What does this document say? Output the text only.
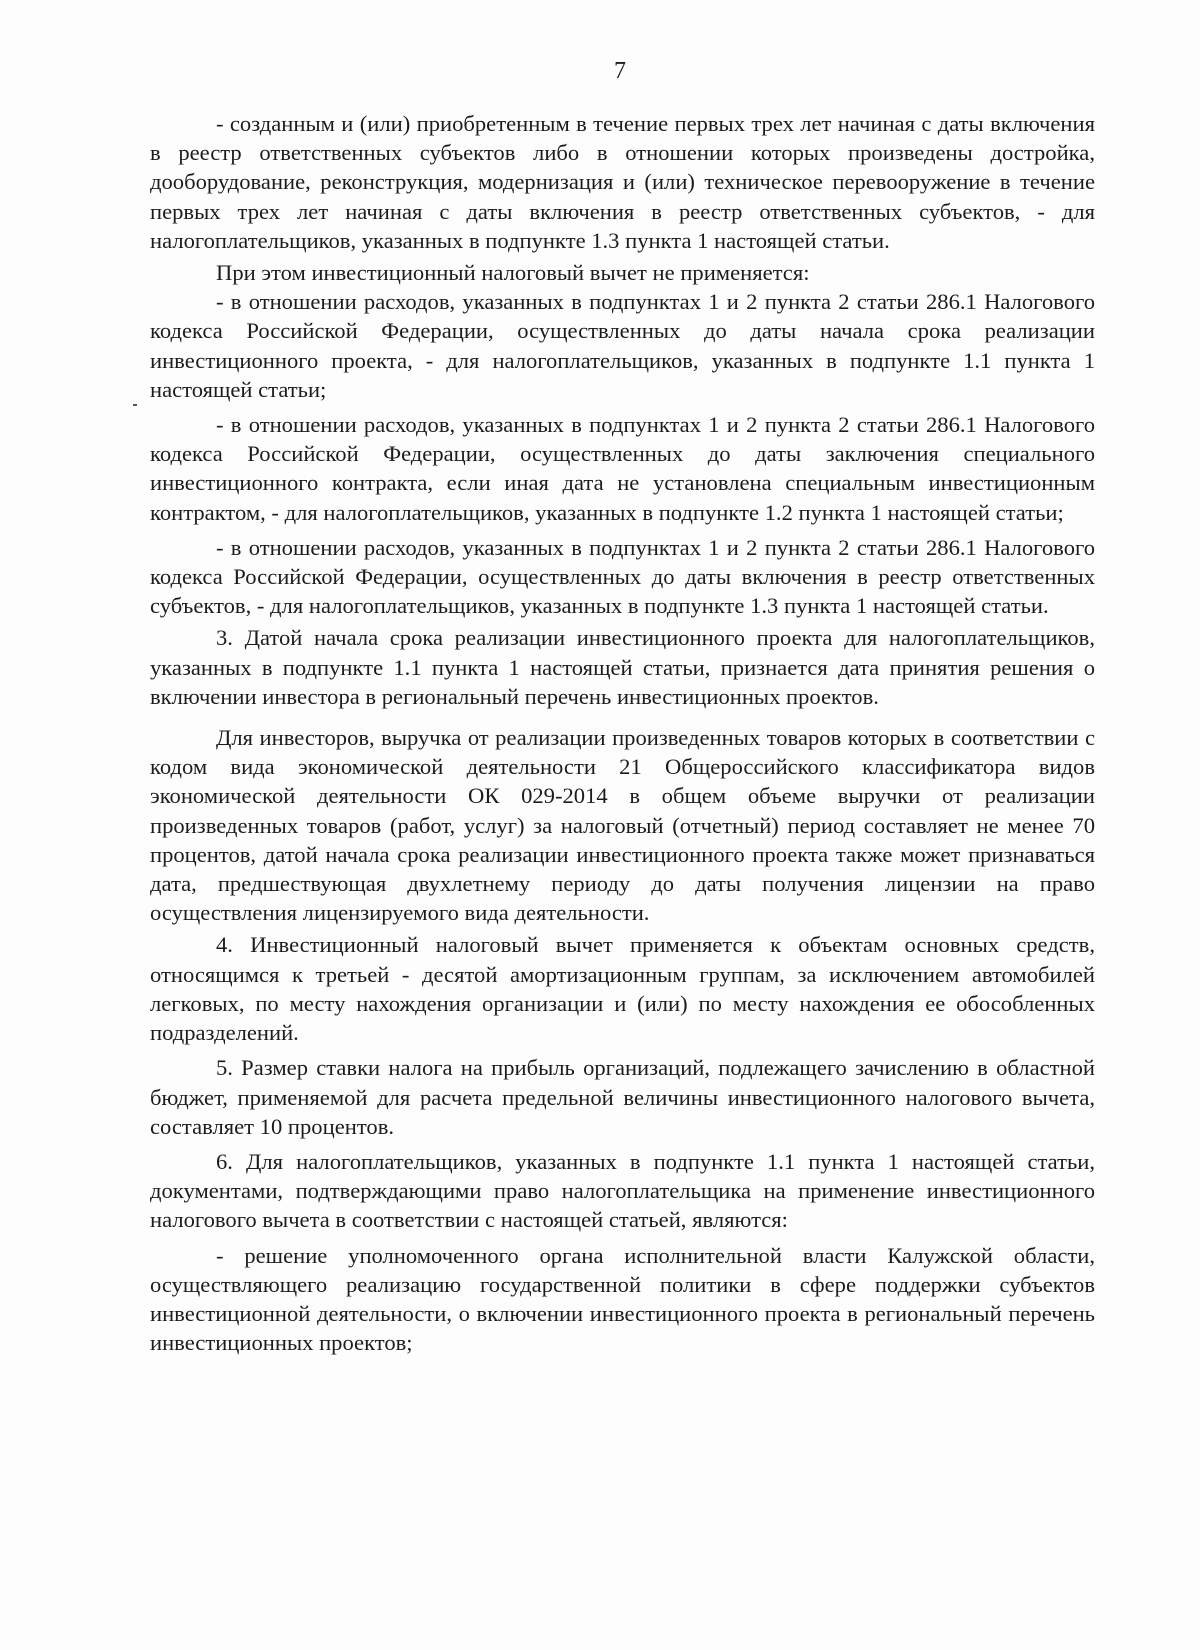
7

- созданным и (или) приобретенным в течение первых трех лет начиная с даты включения в реестр ответственных субъектов либо в отношении которых произведены достройка, дооборудование, реконструкция, модернизация и (или) техническое перевооружение в течение первых трех лет начиная с даты включения в реестр ответственных субъектов, - для налогоплательщиков, указанных в подпункте 1.3 пункта 1 настоящей статьи.

При этом инвестиционный налоговый вычет не применяется:

- в отношении расходов, указанных в подпунктах 1 и 2 пункта 2 статьи 286.1 Налогового кодекса Российской Федерации, осуществленных до даты начала срока реализации инвестиционного проекта, - для налогоплательщиков, указанных в подпункте 1.1 пункта 1 настоящей статьи;

- в отношении расходов, указанных в подпунктах 1 и 2 пункта 2 статьи 286.1 Налогового кодекса Российской Федерации, осуществленных до даты заключения специального инвестиционного контракта, если иная дата не установлена специальным инвестиционным контрактом, - для налогоплательщиков, указанных в подпункте 1.2 пункта 1 настоящей статьи;

- в отношении расходов, указанных в подпунктах 1 и 2 пункта 2 статьи 286.1 Налогового кодекса Российской Федерации, осуществленных до даты включения в реестр ответственных субъектов, - для налогоплательщиков, указанных в подпункте 1.3 пункта 1 настоящей статьи.

3. Датой начала срока реализации инвестиционного проекта для налогоплательщиков, указанных в подпункте 1.1 пункта 1 настоящей статьи, признается дата принятия решения о включении инвестора в региональный перечень инвестиционных проектов.

Для инвесторов, выручка от реализации произведенных товаров которых в соответствии с кодом вида экономической деятельности 21 Общероссийского классификатора видов экономической деятельности ОК 029-2014 в общем объеме выручки от реализации произведенных товаров (работ, услуг) за налоговый (отчетный) период составляет не менее 70 процентов, датой начала срока реализации инвестиционного проекта также может признаваться дата, предшествующая двухлетнему периоду до даты получения лицензии на право осуществления лицензируемого вида деятельности.

4. Инвестиционный налоговый вычет применяется к объектам основных средств, относящимся к третьей - десятой амортизационным группам, за исключением автомобилей легковых, по месту нахождения организации и (или) по месту нахождения ее обособленных подразделений.

5. Размер ставки налога на прибыль организаций, подлежащего зачислению в областной бюджет, применяемой для расчета предельной величины инвестиционного налогового вычета, составляет 10 процентов.

6. Для налогоплательщиков, указанных в подпункте 1.1 пункта 1 настоящей статьи, документами, подтверждающими право налогоплательщика на применение инвестиционного налогового вычета в соответствии с настоящей статьей, являются:

- решение уполномоченного органа исполнительной власти Калужской области, осуществляющего реализацию государственной политики в сфере поддержки субъектов инвестиционной деятельности, о включении инвестиционного проекта в региональный перечень инвестиционных проектов;
